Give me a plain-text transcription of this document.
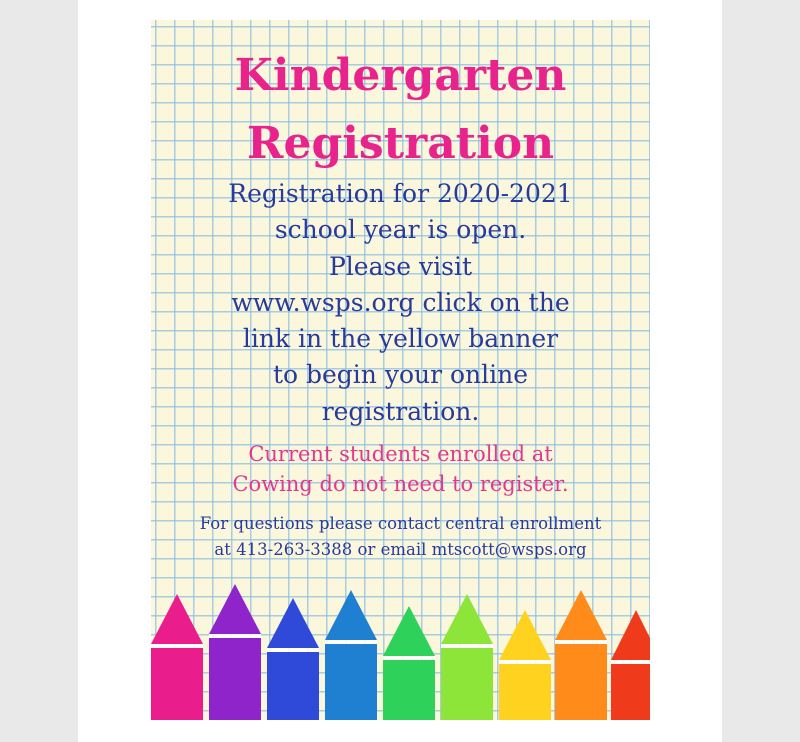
Kindergarten
Registration
Registration for 2020-2021
school year is open.
Please visit
www.wsps.org click on the
link in the yellow banner
to begin your online
registration.
Current students enrolled at
Cowing do not need to register.
For questions please contact central enrollment
at 413-263-3388 or email mtscott@wsps.org
